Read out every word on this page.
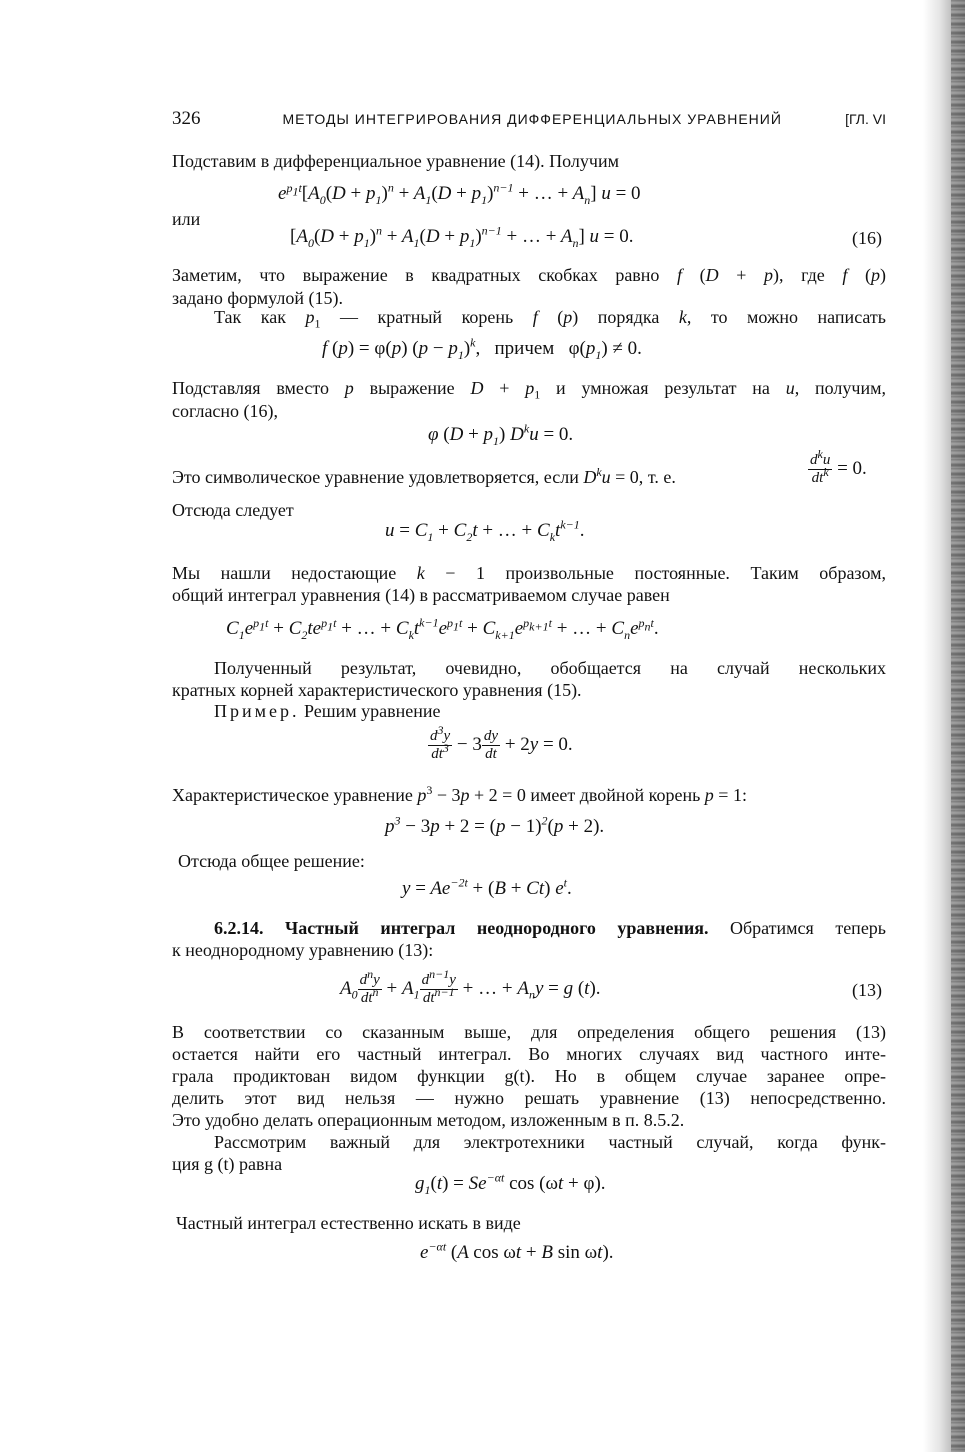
326	МЕТОДЫ ИНТЕГРИРОВАНИЯ ДИФФЕРЕНЦИАЛЬНЫХ УРАВНЕНИЙ	[ГЛ. VI
Подставим в дифференциальное уравнение (14). Получим
$e^{p_1t}[A_0(D + p_1)^n + A_1(D + p_1)^{n-1}$ + … + $A_n$] u = 0
или
[$A_0(D + p_1)^n + A_1(D + p_1)^{n-1}$ + … + $A_n$] u = 0.	(16)
Заметим, что выражение в квадратных скобках равно f (D + p), где f (p)
задано формулой (15).
Так как $p_1$ — кратный корень f (p) порядка k, то можно написать
f (p) = φ(p) $(p - p_1)^k$,   причем   $\varphi(p_1) \ne 0$.
Подставляя вместо p выражение $D + p_1$ и умножая результат на u, получим,
согласно (16),
φ $(D + p_1)$ $D^ku = 0$.
Это символическое уравнение удовлетворяется, если $D^ku = 0$, т. е.	$\frac{d^ku}{dt^k} = 0$.
Отсюда следует
$u = C_1 + C_2t$ + … + $C_kt^{k-1}$.
Мы нашли недостающие k − 1 произвольные постоянные. Таким образом,
общий интеграл уравнения (14) в рассматриваемом случае равен
$C_1e^{p_1t} + C_2te^{p_1t}$ + … + $C_kt^{k-1}e^{p_1t} + C_{k+1}e^{p_{k+1}t}$ + … + $C_ne^{p_nt}$.
Полученный результат, очевидно, обобщается на случай нескольких
кратных корней характеристического уравнения (15).
Пример. Решим уравнение
$\frac{d^3y}{dt^3} - 3 \frac{dy}{dt} + 2y = 0$.
Характеристическое уравнение $p^3 - 3p + 2 = 0$ имеет двойной корень p = 1:
$p^3 - 3p + 2 = (p - 1)^2(p + 2)$.
Отсюда общее решение:
$y = Ae^{-2t} + (B + Ct)$ $e^t$.
6.2.14. Частный интеграл неоднородного уравнения. Обратимся теперь
к неоднородному уравнению (13):
$A_0 \frac{d^ny}{dt^n} + A_1 \frac{d^{n-1}y}{dt^{n-1}}$ + … + $A_ny = g$ (t).	(13)
В соответствии со сказанным выше, для определения общего решения (13)
остается найти его частный интеграл. Во многих случаях вид частного инте-
грала продиктован видом функции g(t). Но в общем случае заранее опре-
делить этот вид нельзя — нужно решать уравнение (13) непосредственно.
Это удобно делать операционным методом, изложенным в п. 8.5.2.
Рассмотрим важный для электротехники частный случай, когда функ-
ция g (t) равна
$g_1(t) = Se^{-\alpha t}$ cos (ωt + φ).
Частный интеграл естественно искать в виде
$e^{-\alpha t}$ (A cos ωt + B sin ωt).
